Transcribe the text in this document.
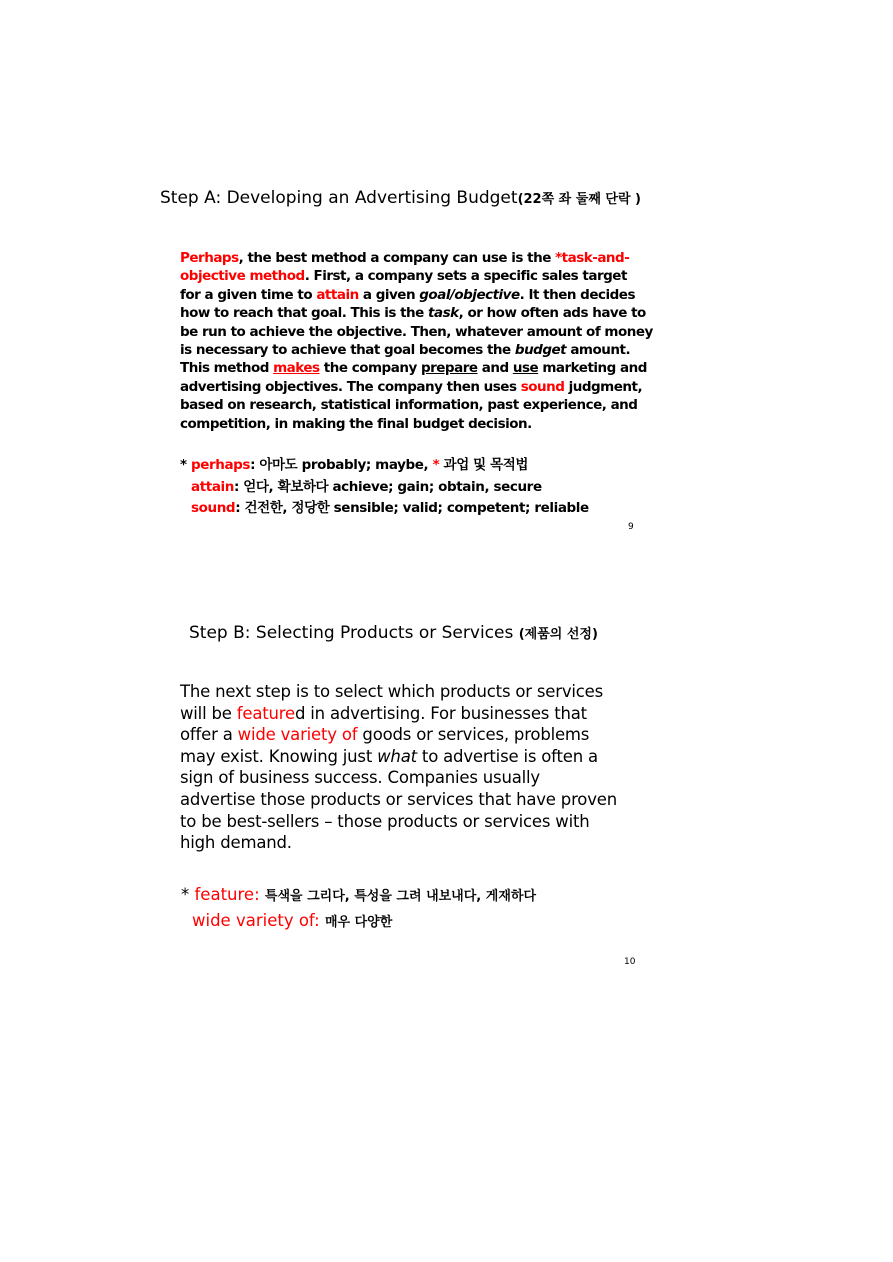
Step A: Developing an Advertising Budget(22쪽 좌 둘째 단락 )
Perhaps, the best method a company can use is the *task-and-
objective method. First, a company sets a specific sales target
for a given time to attain a given goal/objective. It then decides
how to reach that goal. This is the task, or how often ads have to
be run to achieve the objective. Then, whatever amount of money
is necessary to achieve that goal becomes the budget amount.
This method makes the company prepare and use marketing and
advertising objectives. The company then uses sound judgment,
based on research, statistical information, past experience, and
competition, in making the final budget decision.
* perhaps: 아마도 probably; maybe, * 과업 및 목적법
attain: 얻다, 확보하다 achieve; gain; obtain, secure
sound: 건전한, 정당한 sensible; valid; competent; reliable
9
Step B: Selecting Products or Services (제품의 선정)
The next step is to select which products or services
will be featured in advertising. For businesses that
offer a wide variety of goods or services, problems
may exist. Knowing just what to advertise is often a
sign of business success. Companies usually
advertise those products or services that have proven
to be best-sellers – those products or services with
high demand.
* feature: 특색을 그리다, 특성을 그려 내보내다, 게재하다
wide variety of: 매우 다양한
10
